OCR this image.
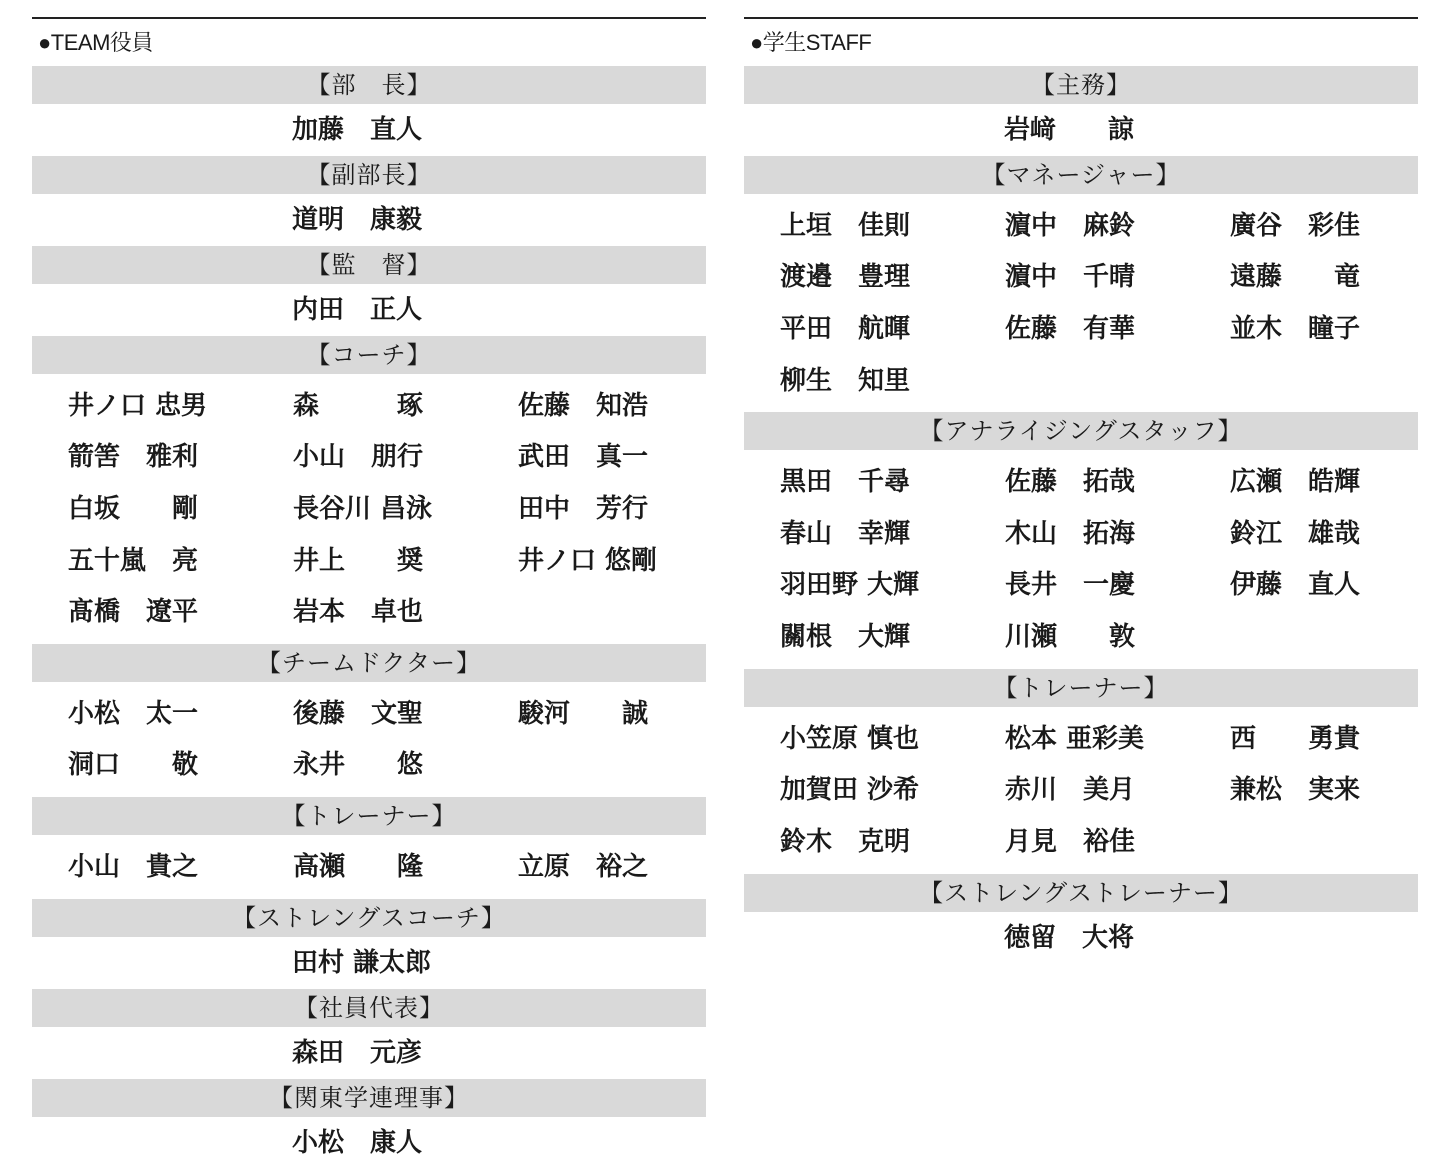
●TEAM役員
【部　長】
加藤　直人
【副部長】
道明　康毅
【監　督】
内田　正人
【コーチ】
井ノ口 忠男	森　　　琢	佐藤　知浩
箭筈　雅利	小山　朋行	武田　真一
白坂　　剛	長谷川 昌泳	田中　芳行
五十嵐　亮	井上　　奨	井ノ口 悠剛
髙橋　遼平	岩本　卓也
【チームドクター】
小松　太一	後藤　文聖	駿河　　誠
洞口　　敬	永井　　悠
【トレーナー】
小山　貴之	高瀬　　隆	立原　裕之
【ストレングスコーチ】
田村 謙太郎
【社員代表】
森田　元彦
【関東学連理事】
小松　康人
●学生STAFF
【主務】
岩﨑　　諒
【マネージャー】
上垣　佳則	濵中　麻鈴	廣谷　彩佳
渡邉　豊理	濵中　千晴	遠藤　　竜
平田　航暉	佐藤　有華	並木　瞳子
柳生　知里
【アナライジングスタッフ】
黒田　千尋	佐藤　拓哉	広瀬　皓輝
春山　幸輝	木山　拓海	鈴江　雄哉
羽田野 大輝	長井　一慶	伊藤　直人
關根　大輝	川瀬　　敦
【トレーナー】
小笠原 慎也	松本 亜彩美	西　　勇貴
加賀田 沙希	赤川　美月	兼松　実来
鈴木　克明	月見　裕佳
【ストレングストレーナー】
徳留　大将
